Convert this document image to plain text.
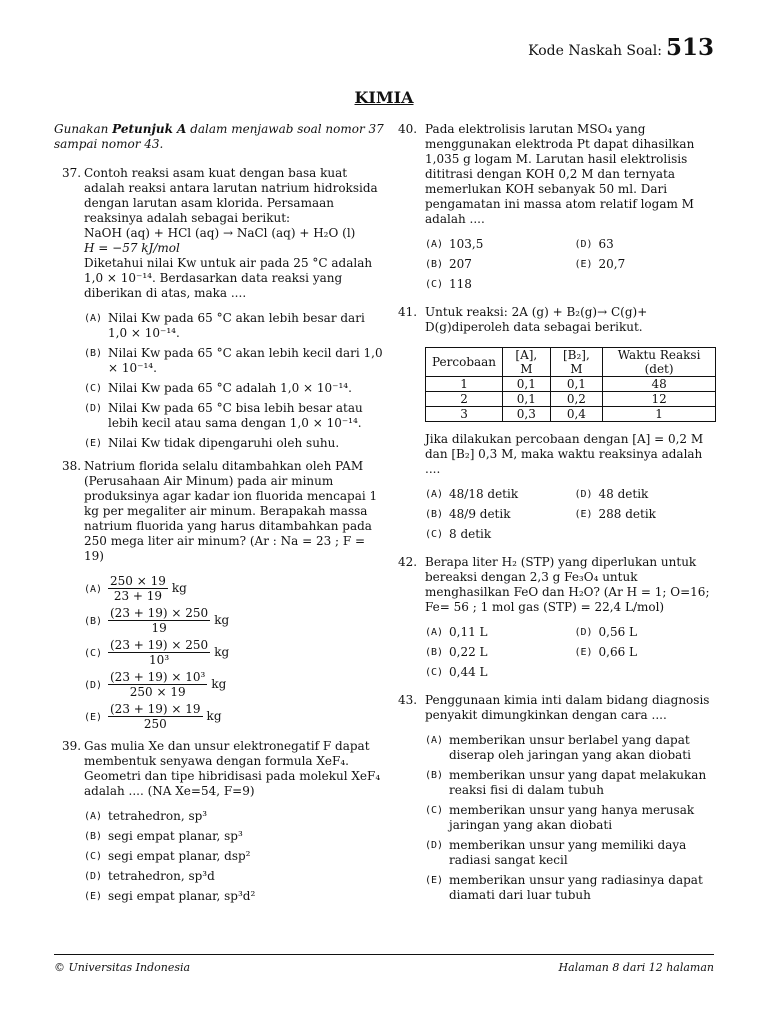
Kode Naskah Soal: 513
KIMIA
Gunakan Petunjuk A dalam menjawab soal nomor 37 sampai nomor 43.
37. Contoh reaksi asam kuat dengan basa kuat adalah reaksi antara larutan natrium hidroksida dengan larutan asam klorida. Persamaan reaksinya adalah sebagai berikut:

NaOH (aq) + HCl (aq) → NaCl (aq) + H₂O (l)

H = −57 kJ/mol

Diketahui nilai Kw untuk air pada 25 °C adalah 1,0 × 10⁻¹⁴. Berdasarkan data reaksi yang diberikan di atas, maka ....

(A) Nilai Kw pada 65 °C akan lebih besar dari 1,0 × 10⁻¹⁴.
(B) Nilai Kw pada 65 °C akan lebih kecil dari 1,0 × 10⁻¹⁴.
(C) Nilai Kw pada 65 °C adalah 1,0 × 10⁻¹⁴.
(D) Nilai Kw pada 65 °C bisa lebih besar atau lebih kecil atau sama dengan 1,0 × 10⁻¹⁴.
(E) Nilai Kw tidak dipengaruhi oleh suhu.
38. Natrium florida selalu ditambahkan oleh PAM (Perusahaan Air Minum) pada air minum produksinya agar kadar ion fluorida mencapai 1 kg per megaliter air minum. Berapakah massa natrium fluorida yang harus ditambahkan pada 250 mega liter air minum? (Ar : Na = 23 ; F = 19)

$(A) \frac{250 \times 19}{23 + 19}$ kg
$(B) \frac{(23 + 19) \times 250}{19}$ kg
$(C) \frac{(23 + 19) \times 250}{\text{10³}}$ kg
$(D) \frac{\text{(23 + 19) × 10³}}{250 \times 19}$ kg
$(E) \frac{(23 + 19) \times 19}{250}$ kg
39. Gas mulia Xe dan unsur elektronegatif F dapat membentuk senyawa dengan formula XeF₄. Geometri dan tipe hibridisasi pada molekul XeF₄ adalah .... (NA Xe=54, F=9)

(A) tetrahedron, sp³
(B) segi empat planar, sp³
(C) segi empat planar, dsp²
(D) tetrahedron, sp³d
(E) segi empat planar, sp³d²
40. Pada elektrolisis larutan MSO₄ yang menggunakan elektroda Pt dapat dihasilkan 1,035 g logam M. Larutan hasil elektrolisis dititrasi dengan KOH 0,2 M dan ternyata memerlukan KOH sebanyak 50 ml. Dari pengamatan ini massa atom relatif logam M adalah ....

(A) 103,5	(D) 63
(B) 207	(E) 20,7
(C) 118
41. Untuk reaksi: 2A (g) + B₂(g)→ C(g)+ D(g)diperoleh data sebagai berikut.

Percobaan	[A], M	[B₂], M	Waktu Reaksi (det)
1	0,1	0,1	48
2	0,1	0,2	12
3	0,3	0,4	1

Jika dilakukan percobaan dengan [A] = 0,2 M dan [B₂] 0,3 M, maka waktu reaksinya adalah ....

(A) 48/18 detik	(D) 48 detik
(B) 48/9 detik	(E) 288 detik
(C) 8 detik
42. Berapa liter H₂ (STP) yang diperlukan untuk bereaksi dengan 2,3 g Fe₃O₄ untuk menghasilkan FeO dan H₂O? (Ar H = 1; O=16; Fe= 56 ; 1 mol gas (STP) = 22,4 L/mol)

(A) 0,11 L	(D) 0,56 L
(B) 0,22 L	(E) 0,66 L
(C) 0,44 L
43. Penggunaan kimia inti dalam bidang diagnosis penyakit dimungkinkan dengan cara ....

(A) memberikan unsur berlabel yang dapat diserap oleh jaringan yang akan diobati
(B) memberikan unsur yang dapat melakukan reaksi fisi di dalam tubuh
(C) memberikan unsur yang hanya merusak jaringan yang akan diobati
(D) memberikan unsur yang memiliki daya radiasi sangat kecil
(E) memberikan unsur yang radiasinya dapat diamati dari luar tubuh
© Universitas Indonesia	Halaman 8 dari 12 halaman
